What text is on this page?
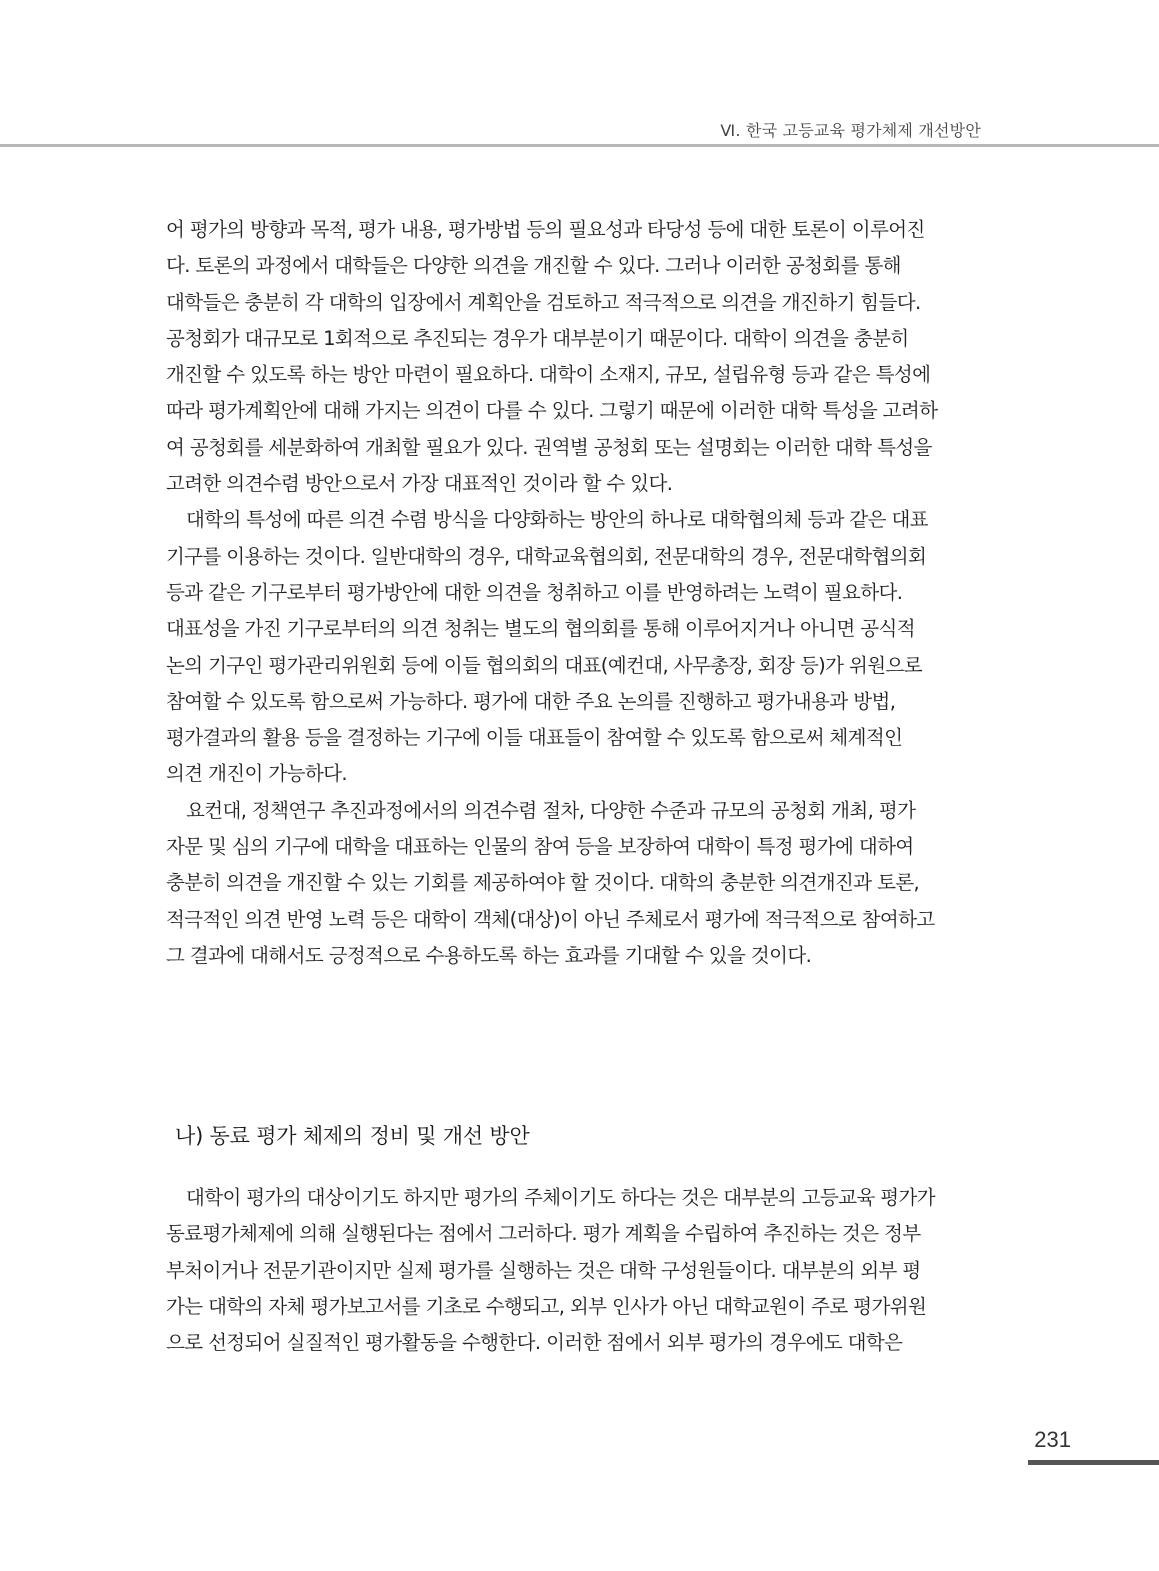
Ⅵ. 한국 고등교육 평가체제 개선방안
어 평가의 방향과 목적, 평가 내용, 평가방법 등의 필요성과 타당성 등에 대한 토론이 이루어진
다. 토론의 과정에서 대학들은 다양한 의견을 개진할 수 있다. 그러나 이러한 공청회를 통해
대학들은 충분히 각 대학의 입장에서 계획안을 검토하고 적극적으로 의견을 개진하기 힘들다.
공청회가 대규모로 1회적으로 추진되는 경우가 대부분이기 때문이다. 대학이 의견을 충분히
개진할 수 있도록 하는 방안 마련이 필요하다. 대학이 소재지, 규모, 설립유형 등과 같은 특성에
따라 평가계획안에 대해 가지는 의견이 다를 수 있다. 그렇기 때문에 이러한 대학 특성을 고려하
여 공청회를 세분화하여 개최할 필요가 있다. 권역별 공청회 또는 설명회는 이러한 대학 특성을
고려한 의견수렴 방안으로서 가장 대표적인 것이라 할 수 있다.
대학의 특성에 따른 의견 수렴 방식을 다양화하는 방안의 하나로 대학협의체 등과 같은 대표
기구를 이용하는 것이다. 일반대학의 경우, 대학교육협의회, 전문대학의 경우, 전문대학협의회
등과 같은 기구로부터 평가방안에 대한 의견을 청취하고 이를 반영하려는 노력이 필요하다.
대표성을 가진 기구로부터의 의견 청취는 별도의 협의회를 통해 이루어지거나 아니면 공식적
논의 기구인 평가관리위원회 등에 이들 협의회의 대표(예컨대, 사무총장, 회장 등)가 위원으로
참여할 수 있도록 함으로써 가능하다. 평가에 대한 주요 논의를 진행하고 평가내용과 방법,
평가결과의 활용 등을 결정하는 기구에 이들 대표들이 참여할 수 있도록 함으로써 체계적인
의견 개진이 가능하다.
요컨대, 정책연구 추진과정에서의 의견수렴 절차, 다양한 수준과 규모의 공청회 개최, 평가
자문 및 심의 기구에 대학을 대표하는 인물의 참여 등을 보장하여 대학이 특정 평가에 대하여
충분히 의견을 개진할 수 있는 기회를 제공하여야 할 것이다. 대학의 충분한 의견개진과 토론,
적극적인 의견 반영 노력 등은 대학이 객체(대상)이 아닌 주체로서 평가에 적극적으로 참여하고
그 결과에 대해서도 긍정적으로 수용하도록 하는 효과를 기대할 수 있을 것이다.
나) 동료 평가 체제의 정비 및 개선 방안
대학이 평가의 대상이기도 하지만 평가의 주체이기도 하다는 것은 대부분의 고등교육 평가가
동료평가체제에 의해 실행된다는 점에서 그러하다. 평가 계획을 수립하여 추진하는 것은 정부
부처이거나 전문기관이지만 실제 평가를 실행하는 것은 대학 구성원들이다. 대부분의 외부 평
가는 대학의 자체 평가보고서를 기초로 수행되고, 외부 인사가 아닌 대학교원이 주로 평가위원
으로 선정되어 실질적인 평가활동을 수행한다. 이러한 점에서 외부 평가의 경우에도 대학은
231
